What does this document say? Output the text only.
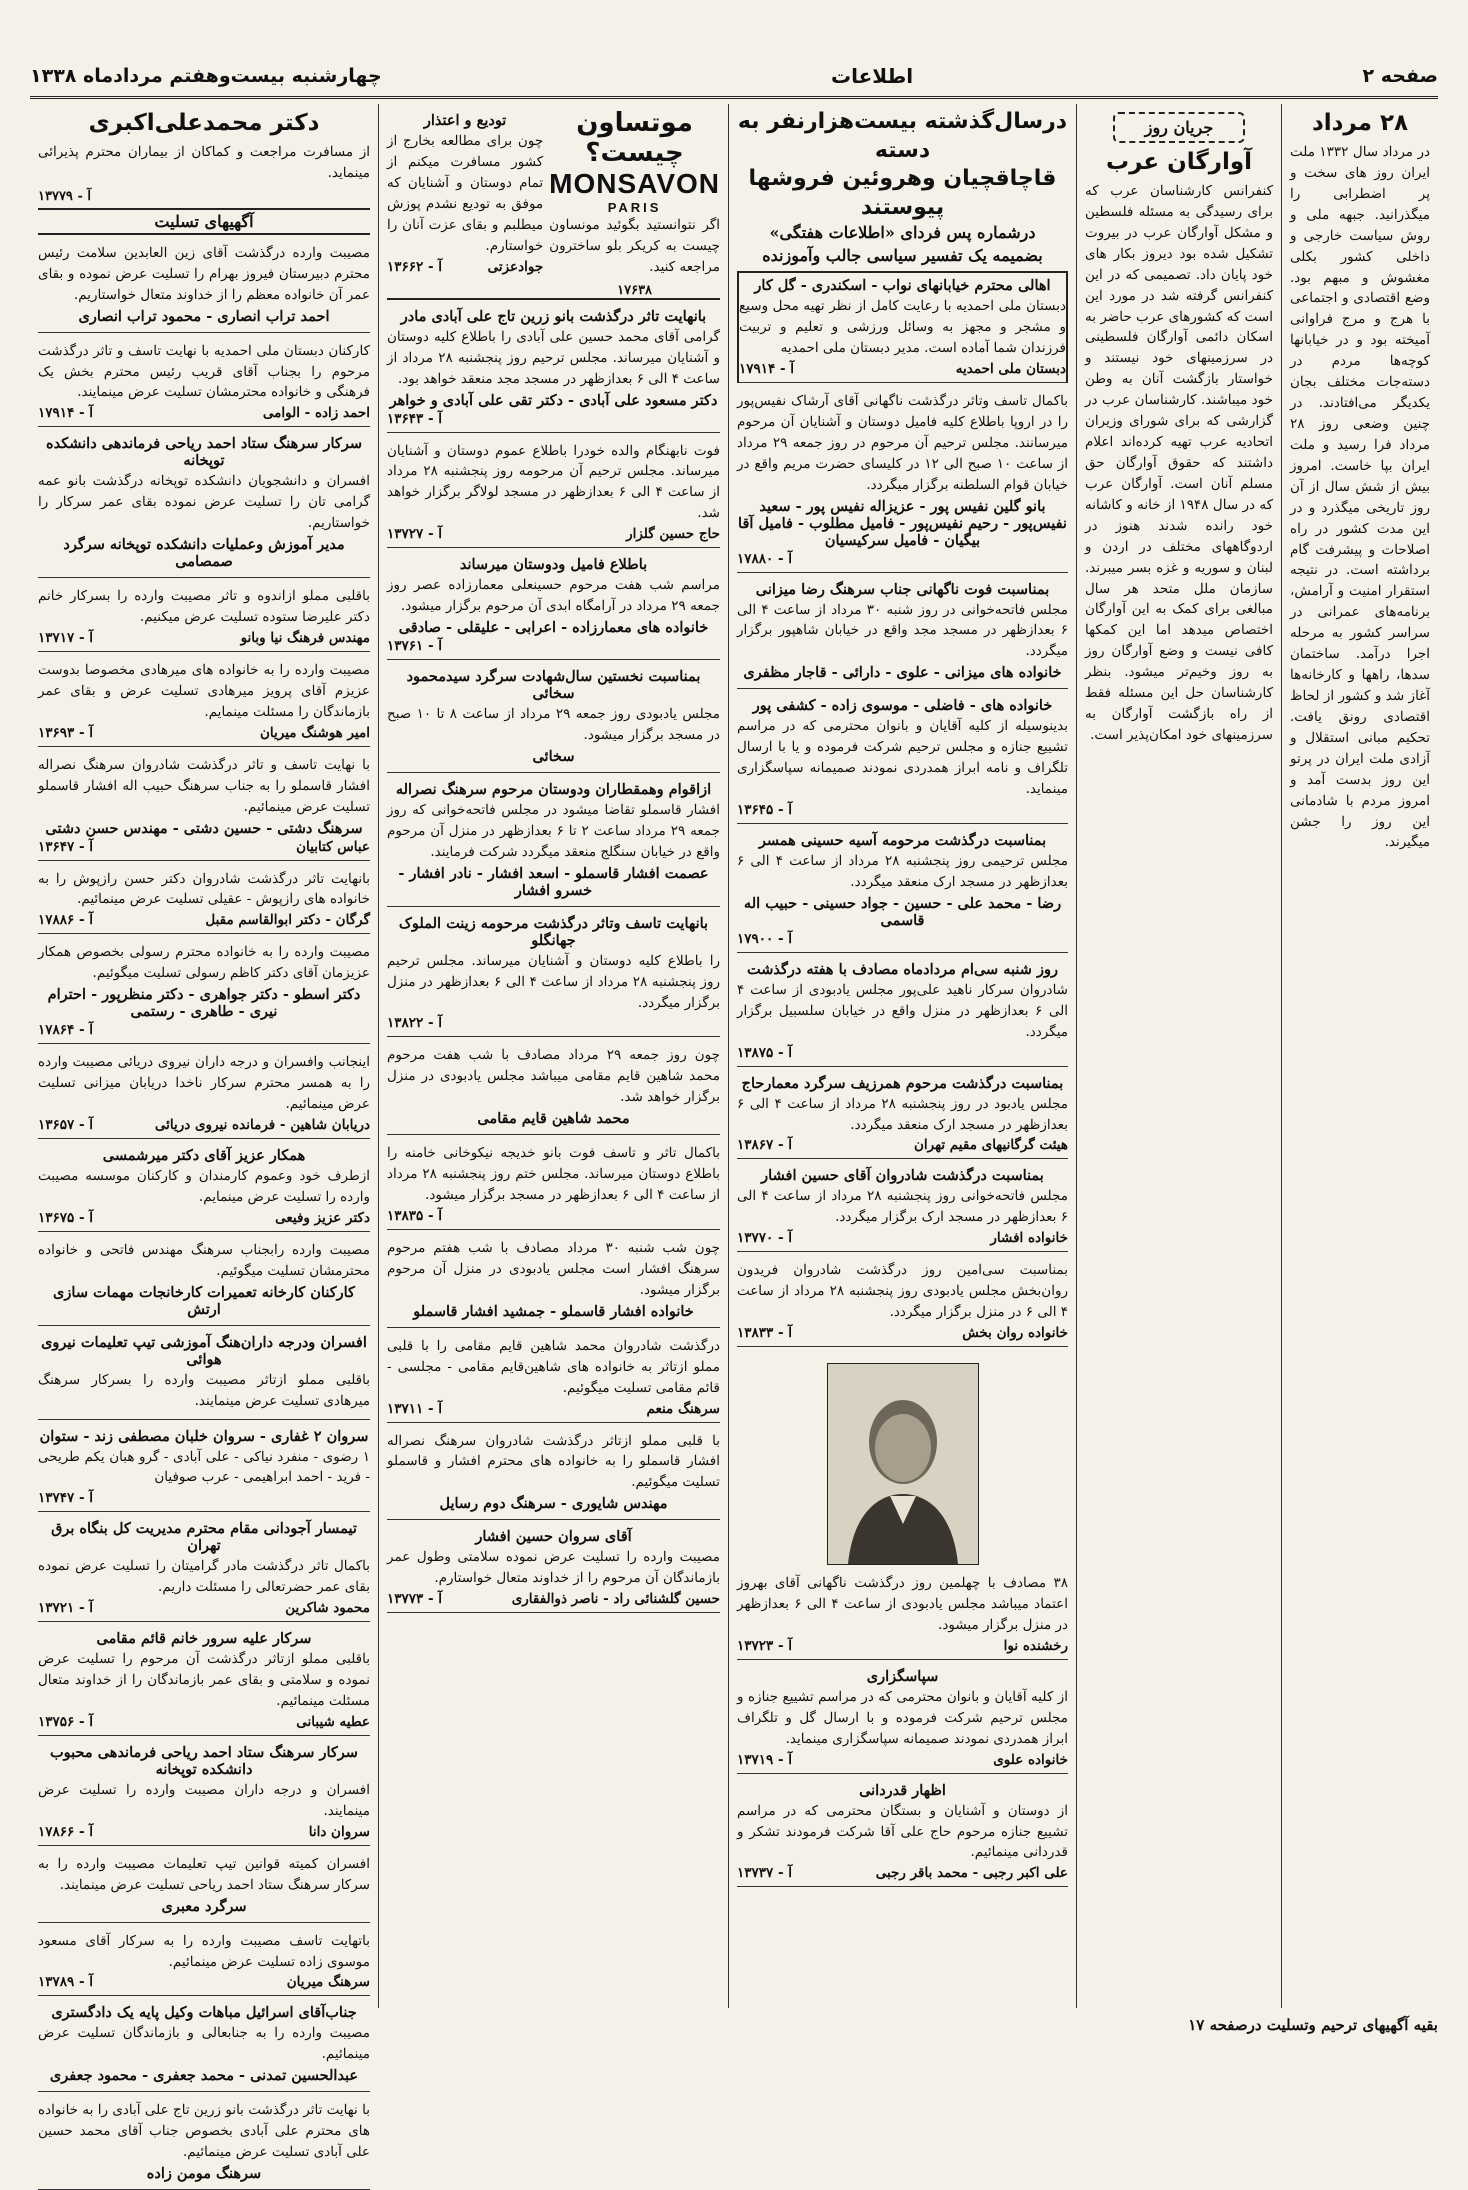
صفحه ۲
اطلاعات
چهارشنبه بیست‌وهفتم مردادماه ۱۳۳۸
۲۸ مرداد
در مرداد سال ۱۳۳۲ ملت ایران روز های سخت و پر اضطرابی را میگذرانید. جبهه ملی و روش سیاست خارجی و داخلی کشور بکلی مغشوش و مبهم بود. وضع اقتصادی و اجتماعی با هرج و مرج فراوانی آمیخته بود و در خیابانها کوچه‌ها مردم در دسته‌جات مختلف بجان یکدیگر می‌افتادند. در چنین وضعی روز ۲۸ مرداد فرا رسید و ملت ایران بپا خاست. امروز بیش از شش سال از آن روز تاریخی میگذرد و در این مدت کشور در راه اصلاحات و پیشرفت گام برداشته است. در نتیجه استقرار امنیت و آرامش، برنامه‌های عمرانی در سراسر کشور به مرحله اجرا درآمد. ساختمان سدها، راهها و کارخانه‌ها آغاز شد و کشور از لحاظ اقتصادی رونق یافت. تحکیم مبانی استقلال و آزادی ملت ایران در پرتو این روز بدست آمد و امروز مردم با شادمانی این روز را جشن میگیرند.
جریان روز
آوارگان عرب
کنفرانس کارشناسان عرب که برای رسیدگی به مسئله فلسطین و مشکل آوارگان عرب در بیروت تشکیل شده بود دیروز بکار های خود پایان داد. تصمیمی که در این کنفرانس گرفته شد در مورد این است که کشورهای عرب حاضر به اسکان دائمی آوارگان فلسطینی در سرزمینهای خود نیستند و خواستار بازگشت آنان به وطن خود میباشند. کارشناسان عرب در گزارشی که برای شورای وزیران اتحادیه عرب تهیه کرده‌اند اعلام داشتند که حقوق آوارگان حق مسلم آنان است. آوارگان عرب که در سال ۱۹۴۸ از خانه و کاشانه خود رانده شدند هنوز در اردوگاههای مختلف در اردن و لبنان و سوریه و غزه بسر میبرند. سازمان ملل متحد هر سال مبالغی برای کمک به این آوارگان اختصاص میدهد اما این کمکها کافی نیست و وضع آوارگان روز به روز وخیم‌تر میشود. بنظر کارشناسان حل این مسئله فقط از راه بازگشت آوارگان به سرزمینهای خود امکان‌پذیر است.
درسال‌گذشته بیست‌هزارنفر به دسته
قاچاقچیان وهروئین فروشها پیوستند
درشماره پس فردای «اطلاعات هفتگی»
بضمیمه یک تفسیر سیاسی جالب وآموزنده
اهالی محترم خیابانهای نواب - اسکندری - گل کار
دبستان ملی احمدیه با رعایت کامل از نظر تهیه محل وسیع و مشجر و مجهز به وسائل ورزشی و تعلیم و تربیت فرزندان شما آماده است. مدیر دبستان ملی احمدیه
دبستان ملی احمدیه
آ - ۱۷۹۱۴
باکمال تاسف وتاثر درگذشت ناگهانی آقای آرشاک نفیس‌پور را در اروپا باطلاع کلیه فامیل دوستان و آشنایان آن مرحوم میرسانند. مجلس ترحیم آن مرحوم در روز جمعه ۲۹ مرداد از ساعت ۱۰ صبح الی ۱۲ در کلیسای حضرت مریم واقع در خیابان قوام السلطنه برگزار میگردد.
بانو گلین نفیس پور - عزیزاله نفیس پور - سعید نفیس‌پور - رحیم نفیس‌پور - فامیل مطلوب - فامیل آقا بیگیان - فامیل سرکیسیان
آ - ۱۷۸۸۰
بمناسبت فوت ناگهانی جناب سرهنگ رضا میزانی
مجلس فاتحه‌خوانی در روز شنبه ۳۰ مرداد از ساعت ۴ الی ۶ بعدازظهر در مسجد مجد واقع در خیابان شاهپور برگزار میگردد.
خانواده های میزانی - علوی - دارائی - قاجار مظفری
خانواده های - فاضلی - موسوی زاده - کشفی پور
بدینوسیله از کلیه آقایان و بانوان محترمی که در مراسم تشییع جنازه و مجلس ترحیم شرکت فرموده و یا با ارسال تلگراف و نامه ابراز همدردی نمودند صمیمانه سپاسگزاری مینماید.
آ - ۱۳۶۴۵
بمناسبت درگذشت مرحومه آسیه حسینی همسر
مجلس ترحیمی روز پنجشنبه ۲۸ مرداد از ساعت ۴ الی ۶ بعدازظهر در مسجد ارک منعقد میگردد.
رضا - محمد علی - حسین - جواد حسینی - حبیب اله قاسمی
آ - ۱۷۹۰۰
روز شنبه سی‌ام مردادماه مصادف با هفته درگذشت
شادروان سرکار ناهید علی‌پور مجلس یادبودی از ساعت ۴ الی ۶ بعدازظهر در منزل واقع در خیابان سلسبیل برگزار میگردد.
آ - ۱۳۸۷۵
بمناسبت درگذشت مرحوم همرزیف سرگرد معمارحاج
مجلس یادبود در روز پنجشنبه ۲۸ مرداد از ساعت ۴ الی ۶ بعدازظهر در مسجد ارک منعقد میگردد.
هیئت گرگانیهای مقیم تهران
آ - ۱۳۸۶۷
بمناسبت درگذشت شادروان آقای حسین افشار
مجلس فاتحه‌خوانی روز پنجشنبه ۲۸ مرداد از ساعت ۴ الی ۶ بعدازظهر در مسجد ارک برگزار میگردد.
خانواده افشار
آ - ۱۳۷۷۰
بمناسبت سی‌امین روز درگذشت شادروان فریدون روان‌بخش مجلس یادبودی روز پنجشنبه ۲۸ مرداد از ساعت ۴ الی ۶ در منزل برگزار میگردد.
خانواده روان بخش
آ - ۱۳۸۳۳
۳۸ مصادف با چهلمین روز درگذشت ناگهانی آقای بهروز اعتماد میباشد مجلس یادبودی از ساعت ۴ الی ۶ بعدازظهر در منزل برگزار میشود.
رخشنده نوا
آ - ۱۳۷۲۳
سپاسگزاری
از کلیه آقایان و بانوان محترمی که در مراسم تشییع جنازه و مجلس ترحیم شرکت فرموده و با ارسال گل و تلگراف ابراز همدردی نمودند صمیمانه سپاسگزاری مینماید.
خانواده علوی
آ - ۱۳۷۱۹
اظهار قدردانی
از دوستان و آشنایان و بستگان محترمی که در مراسم تشییع جنازه مرحوم حاج علی آقا شرکت فرمودند تشکر و قدردانی مینمائیم.
علی اکبر رجبی - محمد باقر رجبی
آ - ۱۳۷۳۷
موتساون چیست؟
MONSAVON
PARIS
اگر نتوانستید بگوئید مونساون چیست به کریکر بلو ساخترون مراجعه کنید.
۱۷۶۳۸
تودیع و اعتذار
چون برای مطالعه بخارج از کشور مسافرت میکنم از تمام دوستان و آشنایان که موفق به تودیع نشدم پوزش میطلبم و بقای عزت آنان را خواستارم.
جوادعزتی
آ - ۱۳۶۶۲
بانهایت تاثر درگذشت بانو زرین تاج علی آبادی مادر
گرامی آقای محمد حسین علی آبادی را باطلاع کلیه دوستان و آشنایان میرساند. مجلس ترحیم روز پنجشنبه ۲۸ مرداد از ساعت ۴ الی ۶ بعدازظهر در مسجد مجد منعقد خواهد بود.
دکتر مسعود علی آبادی - دکتر تقی علی آبادی و خواهر
آ - ۱۳۶۴۳
فوت نابهنگام والده خودرا باطلاع عموم دوستان و آشنایان میرساند. مجلس ترحیم آن مرحومه روز پنجشنبه ۲۸ مرداد از ساعت ۴ الی ۶ بعدازظهر در مسجد لولاگر برگزار خواهد شد.
حاج حسین گلزار
آ - ۱۳۷۲۷
باطلاع فامیل ودوستان میرساند
مراسم شب هفت مرحوم حسینعلی معمارزاده عصر روز جمعه ۲۹ مرداد در آرامگاه ابدی آن مرحوم برگزار میشود.
خانواده های معمارزاده - اعرابی - علیقلی - صادقی
آ - ۱۳۷۶۱
بمناسبت نخستین سال‌شهادت سرگرد سیدمحمود سخائی
مجلس یادبودی روز جمعه ۲۹ مرداد از ساعت ۸ تا ۱۰ صبح در مسجد برگزار میشود.
سخائی
ازاقوام وهمقطاران ودوستان مرحوم سرهنگ نصراله
افشار قاسملو تقاضا میشود در مجلس فاتحه‌خوانی که روز جمعه ۲۹ مرداد ساعت ۲ تا ۶ بعدازظهر در منزل آن مرحوم واقع در خیابان سنگلج منعقد میگردد شرکت فرمایند.
عصمت افشار قاسملو - اسعد افشار - نادر افشار - خسرو افشار
بانهایت تاسف وتاثر درگذشت مرحومه زینت الملوک جهانگلو
را باطلاع کلیه دوستان و آشنایان میرساند. مجلس ترحیم روز پنجشنبه ۲۸ مرداد از ساعت ۴ الی ۶ بعدازظهر در منزل برگزار میگردد.
آ - ۱۳۸۲۲
چون روز جمعه ۲۹ مرداد مصادف با شب هفت مرحوم محمد شاهین قایم مقامی میباشد مجلس یادبودی در منزل برگزار خواهد شد.
محمد شاهین قایم مقامی
باکمال تاثر و تاسف فوت بانو خدیجه نیکوخانی خامنه را باطلاع دوستان میرساند. مجلس ختم روز پنجشنبه ۲۸ مرداد از ساعت ۴ الی ۶ بعدازظهر در مسجد برگزار میشود.
آ - ۱۳۸۳۵
چون شب شنبه ۳۰ مرداد مصادف با شب هفتم مرحوم سرهنگ افشار است مجلس یادبودی در منزل آن مرحوم برگزار میشود.
خانواده افشار قاسملو - جمشید افشار قاسملو
درگذشت شادروان محمد شاهین قایم مقامی را با قلبی مملو ازتاثر به خانواده های شاهین‌قایم مقامی - مجلسی - قائم مقامی تسلیت میگوئیم.
سرهنگ منعم
آ - ۱۳۷۱۱
با قلبی مملو ازتاثر درگذشت شادروان سرهنگ نصراله افشار قاسملو را به خانواده های محترم افشار و قاسملو تسلیت میگوئیم.
مهندس شایوری - سرهنگ دوم رسایل
آقای سروان حسین افشار
مصیبت وارده را تسلیت عرض نموده سلامتی وطول عمر بازماندگان آن مرحوم را از خداوند متعال خواستارم.
حسین گلشنائی راد - ناصر ذوالفقاری
آ - ۱۳۷۷۳
دکتر محمدعلی‌اکبری
از مسافرت مراجعت و کماکان از بیماران محترم پذیرائی مینماید.
آ - ۱۳۷۷۹
آگهیهای تسلیت
مصیبت وارده درگذشت آقای زین العابدین سلامت رئیس محترم دبیرستان فیروز بهرام را تسلیت عرض نموده و بقای عمر آن خانواده معظم را از خداوند متعال خواستاریم.
احمد تراب انصاری - محمود تراب انصاری
کارکنان دبستان ملی احمدیه با نهایت تاسف و تاثر درگذشت مرحوم را بجناب آقای قریب رئیس محترم بخش یک فرهنگی و خانواده محترمشان تسلیت عرض مینمایند.
احمد زاده - الوامی
آ - ۱۷۹۱۴
سرکار سرهنگ ستاد احمد ریاحی فرماندهی دانشکده توپخانه
افسران و دانشجویان دانشکده توپخانه درگذشت بانو عمه گرامی تان را تسلیت عرض نموده بقای عمر سرکار را خواستاریم.
مدیر آموزش وعملیات دانشکده توپخانه سرگرد صمصامی
باقلبی مملو ازاندوه و تاثر مصیبت وارده را بسرکار خانم دکتر علیرضا ستوده تسلیت عرض میکنیم.
مهندس فرهنگ نیا وبانو
آ - ۱۳۷۱۷
مصیبت وارده را به خانواده های میرهادی مخصوصا بدوست عزیزم آقای پرویز میرهادی تسلیت عرض و بقای عمر بازماندگان را مسئلت مینمایم.
امیر هوشنگ میریان
آ - ۱۳۶۹۳
با نهایت تاسف و تاثر درگذشت شادروان سرهنگ نصراله افشار قاسملو را به جناب سرهنگ حبیب اله افشار قاسملو تسلیت عرض مینمائیم.
سرهنگ دشتی - حسین دشتی - مهندس حسن دشتی
عباس کتابیان
آ - ۱۳۶۴۷
بانهایت تاثر درگذشت شادروان دکتر حسن رازپوش را به خانواده های رازپوش - عقیلی تسلیت عرض مینمائیم.
گرگان - دکتر ابوالقاسم مقبل
آ - ۱۷۸۸۶
مصیبت وارده را به خانواده محترم رسولی بخصوص همکار عزیزمان آقای دکتر کاظم رسولی تسلیت میگوئیم.
دکتر اسطو - دکتر جواهری - دکتر منظرپور - احترام نیری - طاهری - رستمی
آ - ۱۷۸۶۴
اینجانب وافسران و درجه داران نیروی دریائی مصیبت وارده را به همسر محترم سرکار ناخدا دریابان میزانی تسلیت عرض مینمائیم.
دریابان شاهین - فرمانده نیروی دریائی
آ - ۱۳۶۵۷
همکار عزیز آقای دکتر میرشمسی
ازطرف خود وعموم کارمندان و کارکنان موسسه مصیبت وارده را تسلیت عرض مینمایم.
دکتر عزیز وفیعی
آ - ۱۳۶۷۵
مصیبت وارده رابجناب سرهنگ مهندس فاتحی و خانواده محترمشان تسلیت میگوئیم.
کارکنان کارخانه تعمیرات کارخانجات مهمات سازی ارتش
افسران ودرجه داران‌هنگ آموزشی تیپ تعلیمات نیروی هوائی
باقلبی مملو ازتاثر مصیبت وارده را بسرکار سرهنگ میرهادی تسلیت عرض مینمایند.
سروان ۲ غفاری - سروان خلبان مصطفی زند - ستوان
۱ رضوی - منفرد نیاکی - علی آبادی - گرو هبان یکم طریحی - فرید - احمد ابراهیمی - عرب صوفیان
آ - ۱۳۷۴۷
تیمسار آجودانی مقام محترم مدیریت کل بنگاه برق تهران
باکمال تاثر درگذشت مادر گرامیتان را تسلیت عرض نموده بقای عمر حضرتعالی را مسئلت داریم.
محمود شاکرین
آ - ۱۳۷۲۱
سرکار علیه سرور خانم قائم مقامی
باقلبی مملو ازتاثر درگذشت آن مرحوم را تسلیت عرض نموده و سلامتی و بقای عمر بازماندگان را از خداوند متعال مسئلت مینمائیم.
عطیه شیبانی
آ - ۱۳۷۵۶
سرکار سرهنگ ستاد احمد ریاحی فرماندهی محبوب دانشکده توپخانه
افسران و درجه داران مصیبت وارده را تسلیت عرض مینمایند.
سروان دانا
آ - ۱۷۸۶۶
افسران کمیته قوانین تیپ تعلیمات مصیبت وارده را به سرکار سرهنگ ستاد احمد ریاحی تسلیت عرض مینمایند.
سرگرد معبری
باتهایت تاسف مصیبت وارده را به سرکار آقای مسعود موسوی زاده تسلیت عرض مینمائیم.
سرهنگ میریان
آ - ۱۳۷۸۹
جناب‌آقای اسرائیل مباهات وکیل پایه یک دادگستری
مصیبت وارده را به جنابعالی و بازماندگان تسلیت عرض مینمائیم.
عبدالحسین تمدنی - محمد جعفری - محمود جعفری
با نهایت تاثر درگذشت بانو زرین تاج علی آبادی را به خانواده های محترم علی آبادی بخصوص جناب آقای محمد حسین علی آبادی تسلیت عرض مینمائیم.
سرهنگ مومن زاده
بقیه آگهیهای ترحیم وتسلیت درصفحه ۱۷
